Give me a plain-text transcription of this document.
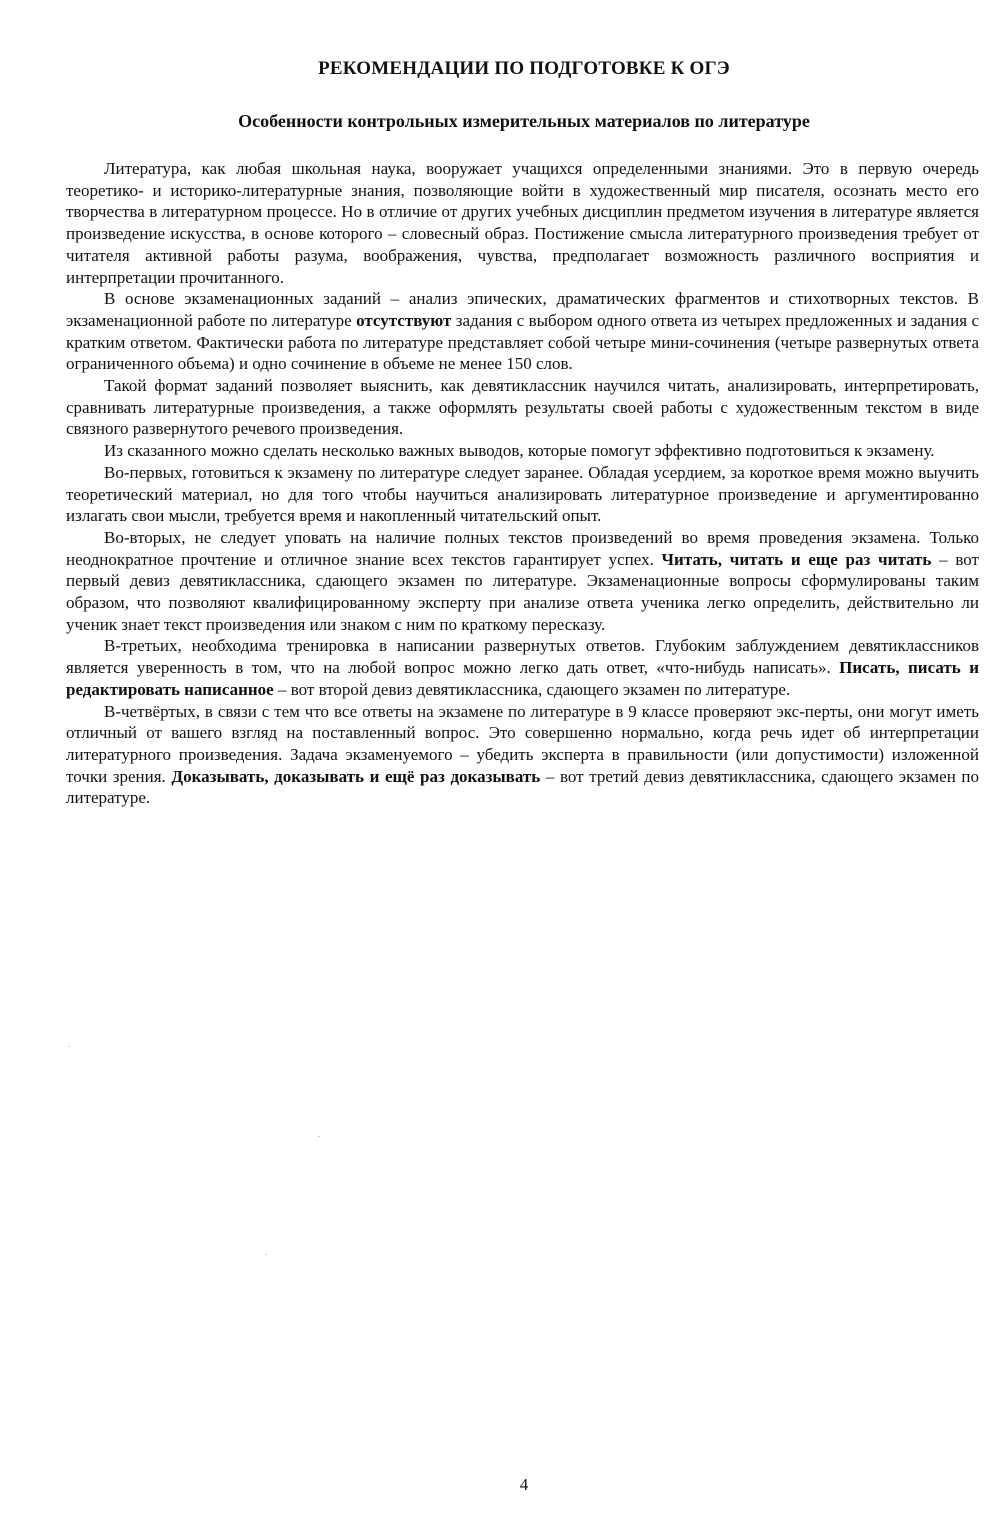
РЕКОМЕНДАЦИИ ПО ПОДГОТОВКЕ К ОГЭ
Особенности контрольных измерительных материалов по литературе

Литература, как любая школьная наука, вооружает учащихся определенными знаниями. Это в первую очередь теоретико- и историко-литературные знания, позволяющие войти в художественный мир писателя, осознать место его творчества в литературном процессе. Но в отличие от других учебных дисциплин предметом изучения в литературе является произведение искусства, в основе которого – словесный образ. Постижение смысла литературного произведения требует от читателя активной работы разума, воображения, чувства, предполагает возможность различного восприятия и интерпретации прочитанного.

В основе экзаменационных заданий – анализ эпических, драматических фрагментов и стихотворных текстов. В экзаменационной работе по литературе отсутствуют задания с выбором одного ответа из четырех предложенных и задания с кратким ответом. Фактически работа по литературе представляет собой четыре мини-сочинения (четыре развернутых ответа ограниченного объема) и одно сочинение в объеме не менее 150 слов.

Такой формат заданий позволяет выяснить, как девятиклассник научился читать, анализировать, интерпретировать, сравнивать литературные произведения, а также оформлять результаты своей работы с художественным текстом в виде связного развернутого речевого произведения.

Из сказанного можно сделать несколько важных выводов, которые помогут эффективно подготовиться к экзамену.

Во-первых, готовиться к экзамену по литературе следует заранее. Обладая усердием, за короткое время можно выучить теоретический материал, но для того чтобы научиться анализировать литературное произведение и аргументированно излагать свои мысли, требуется время и накопленный читательский опыт.

Во-вторых, не следует уповать на наличие полных текстов произведений во время проведения экзамена. Только неоднократное прочтение и отличное знание всех текстов гарантирует успех. Читать, читать и еще раз читать – вот первый девиз девятиклассника, сдающего экзамен по литературе. Экзаменационные вопросы сформулированы таким образом, что позволяют квалифицированному эксперту при анализе ответа ученика легко определить, действительно ли ученик знает текст произведения или знаком с ним по краткому пересказу.

В-третьих, необходима тренировка в написании развернутых ответов. Глубоким заблуждением девятиклассников является уверенность в том, что на любой вопрос можно легко дать ответ, «что-нибудь написать». Писать, писать и редактировать написанное – вот второй девиз девятиклассника, сдающего экзамен по литературе.

В-четвёртых, в связи с тем что все ответы на экзамене по литературе в 9 классе проверяют экс-перты, они могут иметь отличный от вашего взгляд на поставленный вопрос. Это совершенно нормально, когда речь идет об интерпретации литературного произведения. Задача экзаменуемого – убедить эксперта в правильности (или допустимости) изложенной точки зрения. Доказывать, доказывать и ещё раз доказывать – вот третий девиз девятиклассника, сдающего экзамен по литературе.

4
